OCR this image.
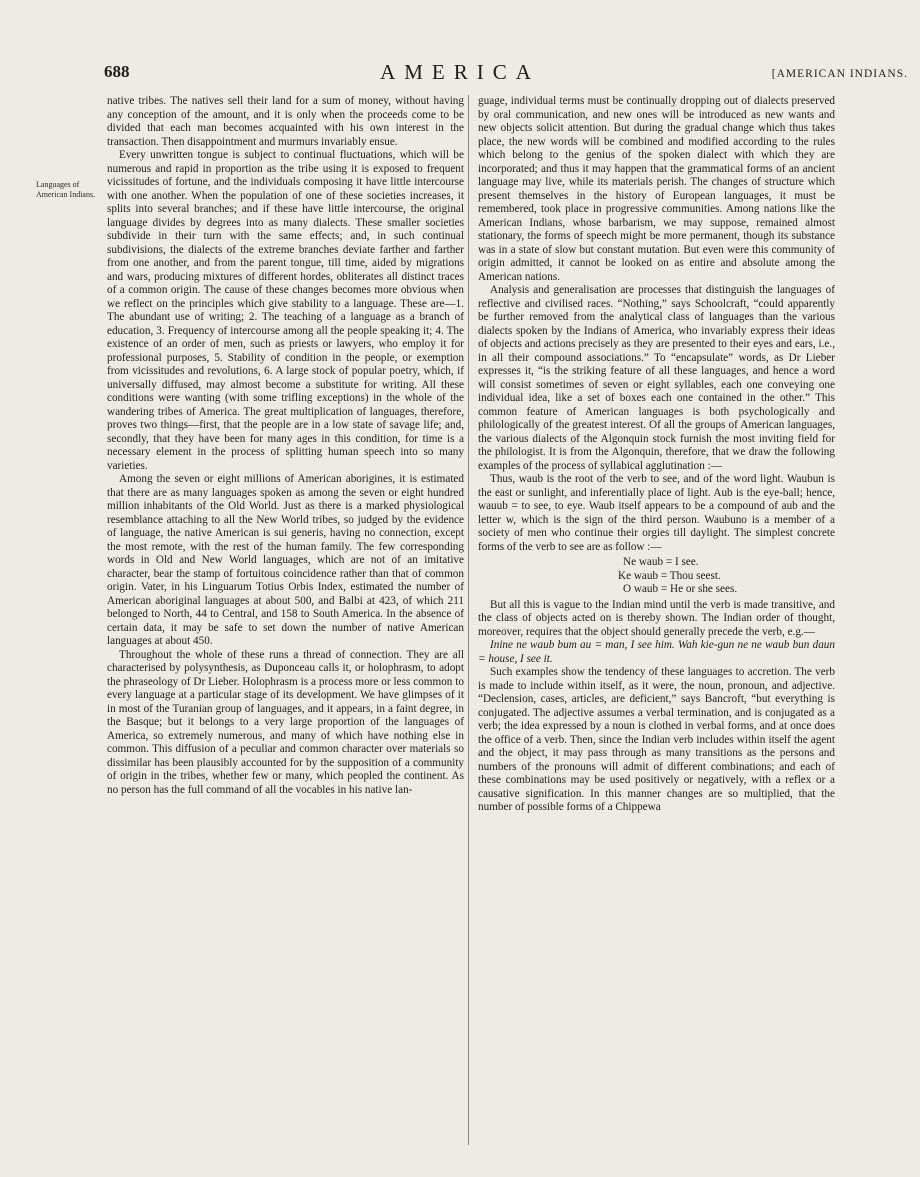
688	AMERICA	[AMERICAN INDIANS.
Languages of American Indians.

native tribes. The natives sell their land for a sum of money, without having any conception of the amount, and it is only when the proceeds come to be divided that each man becomes acquainted with his own interest in the transaction. Then disappointment and murmurs invariably ensue.

Every unwritten tongue is subject to continual fluctuations, which will be numerous and rapid in proportion as the tribe using it is exposed to frequent vicissitudes of fortune, and the individuals composing it have little intercourse with one another. When the population of one of these societies increases, it splits into several branches; and if these have little intercourse, the original language divides by degrees into as many dialects. These smaller societies subdivide in their turn with the same effects; and, in such continual subdivisions, the dialects of the extreme branches deviate farther and farther from one another, and from the parent tongue, till time, aided by migrations and wars, producing mixtures of different hordes, obliterates all distinct traces of a common origin. The cause of these changes becomes more obvious when we reflect on the principles which give stability to a language. These are—1. The abundant use of writing; 2. The teaching of a language as a branch of education, 3. Frequency of intercourse among all the people speaking it; 4. The existence of an order of men, such as priests or lawyers, who employ it for professional purposes, 5. Stability of condition in the people, or exemption from vicissitudes and revolutions, 6. A large stock of popular poetry, which, if universally diffused, may almost become a substitute for writing. All these conditions were wanting (with some trifling exceptions) in the whole of the wandering tribes of America. The great multiplication of languages, therefore, proves two things—first, that the people are in a low state of savage life; and, secondly, that they have been for many ages in this condition, for time is a necessary element in the process of splitting human speech into so many varieties.

Among the seven or eight millions of American aborigines, it is estimated that there are as many languages spoken as among the seven or eight hundred million inhabitants of the Old World. Just as there is a marked physiological resemblance attaching to all the New World tribes, so judged by the evidence of language, the native American is sui generis, having no connection, except the most remote, with the rest of the human family. The few corresponding words in Old and New World languages, which are not of an imitative character, bear the stamp of fortuitous coincidence rather than that of common origin. Vater, in his Linguarum Totius Orbis Index, estimated the number of American aboriginal languages at about 500, and Balbi at 423, of which 211 belonged to North, 44 to Central, and 158 to South America. In the absence of certain data, it may be safe to set down the number of native American languages at about 450.

Throughout the whole of these runs a thread of connection. They are all characterised by polysynthesis, as Duponceau calls it, or holophrasm, to adopt the phraseology of Dr Lieber. Holophrasm is a process more or less common to every language at a particular stage of its development. We have glimpses of it in most of the Turanian group of languages, and it appears, in a faint degree, in the Basque; but it belongs to a very large proportion of the languages of America, so extremely numerous, and many of which have nothing else in common. This diffusion of a peculiar and common character over materials so dissimilar has been plausibly accounted for by the supposition of a community of origin in the tribes, whether few or many, which peopled the continent. As no person has the full command of all the vocables in his native lan-

guage, individual terms must be continually dropping out of dialects preserved by oral communication, and new ones will be introduced as new wants and new objects solicit attention. But during the gradual change which thus takes place, the new words will be combined and modified according to the rules which belong to the genius of the spoken dialect with which they are incorporated; and thus it may happen that the grammatical forms of an ancient language may live, while its materials perish. The changes of structure which present themselves in the history of European languages, it must be remembered, took place in progressive communities. Among nations like the American Indians, whose barbarism, we may suppose, remained almost stationary, the forms of speech might be more permanent, though its substance was in a state of slow but constant mutation. But even were this community of origin admitted, it cannot be looked on as entire and absolute among the American nations.

Analysis and generalisation are processes that distinguish the languages of reflective and civilised races. “Nothing,” says Schoolcraft, “could apparently be further removed from the analytical class of languages than the various dialects spoken by the Indians of America, who invariably express their ideas of objects and actions precisely as they are presented to their eyes and ears, i.e., in all their compound associations.” To “encapsulate” words, as Dr Lieber expresses it, “is the striking feature of all these languages, and hence a word will consist sometimes of seven or eight syllables, each one conveying one individual idea, like a set of boxes each one contained in the other.” This common feature of American languages is both psychologically and philologically of the greatest interest. Of all the groups of American languages, the various dialects of the Algonquin stock furnish the most inviting field for the philologist. It is from the Algonquin, therefore, that we draw the following examples of the process of syllabical agglutination :—

Thus, waub is the root of the verb to see, and of the word light. Waubun is the east or sunlight, and inferentially place of light. Aub is the eye-ball; hence, wauub = to see, to eye. Waub itself appears to be a compound of aub and the letter w, which is the sign of the third person. Waubuno is a member of a society of men who continue their orgies till daylight. The simplest concrete forms of the verb to see are as follow :—

Ne waub = I see.
Ke waub = Thou seest.
O waub = He or she sees.

But all this is vague to the Indian mind until the verb is made transitive, and the class of objects acted on is thereby shown. The Indian order of thought, moreover, requires that the object should generally precede the verb, e.g.—

Inine ne waub bum au = man, I see him. Wah kie-gun ne ne waub bun daun = house, I see it.

Such examples show the tendency of these languages to accretion. The verb is made to include within itself, as it were, the noun, pronoun, and adjective. “Declension, cases, articles, are deficient,” says Bancroft, “but everything is conjugated. The adjective assumes a verbal termination, and is conjugated as a verb; the idea expressed by a noun is clothed in verbal forms, and at once does the office of a verb. Then, since the Indian verb includes within itself the agent and the object, it may pass through as many transitions as the persons and numbers of the pronouns will admit of different combinations; and each of these combinations may be used positively or negatively, with a reflex or a causative signification. In this manner changes are so multiplied, that the number of possible forms of a Chippewa
